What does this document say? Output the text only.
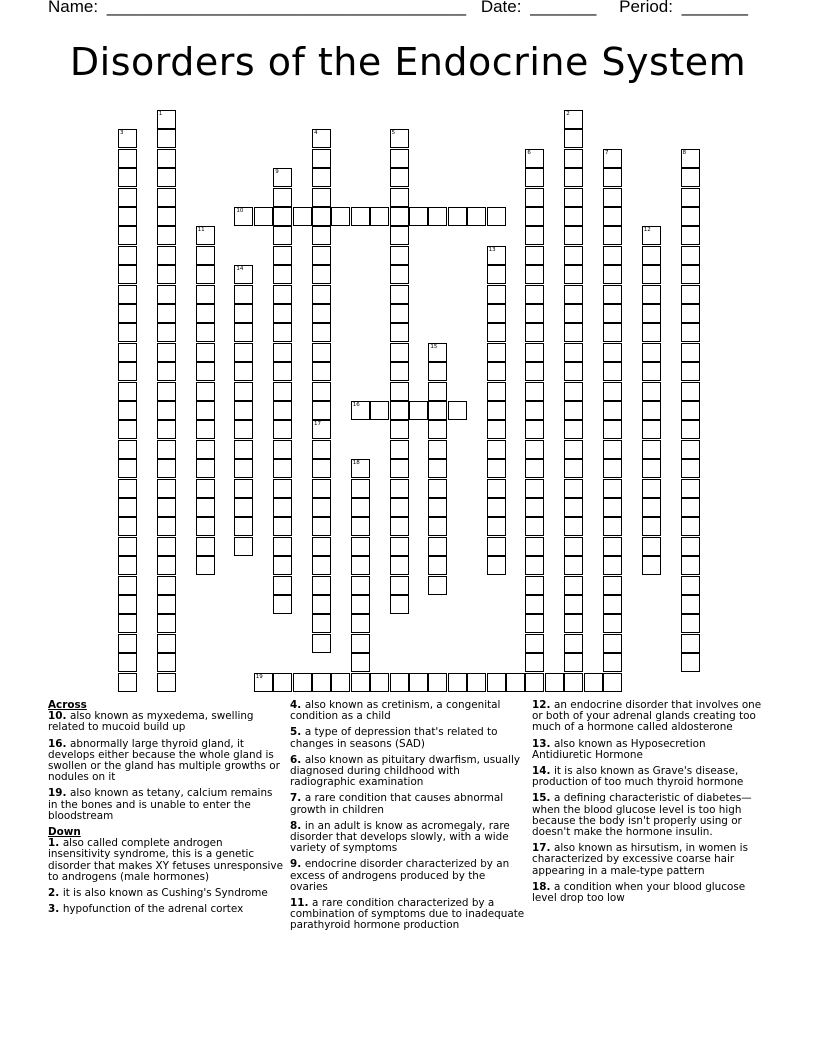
Name: ______________________________________ Date: _______ Period: _______
Disorders of the Endocrine System
1	2
3	4
17
5
6	7	8
9
10
11	12
13
14
15
16
18
19

Across

10. also known as myxedema, swelling related to mucoid build up

16. abnormally large thyroid gland, it develops either because the whole gland is swollen or the gland has multiple growths or nodules on it

19. also known as tetany, calcium remains in the bones and is unable to enter the bloodstream

Down

1. also called complete androgen insensitivity syndrome, this is a genetic disorder that makes XY fetuses unresponsive to androgens (male hormones)

2. it is also known as Cushing's Syndrome

3. hypofunction of the adrenal cortex

4. also known as cretinism, a congenital condition as a child

5. a type of depression that's related to changes in seasons (SAD)

6. also known as pituitary dwarfism, usually diagnosed during childhood with radiographic examination

7. a rare condition that causes abnormal growth in children

8. in an adult is know as acromegaly, rare disorder that develops slowly, with a wide variety of symptoms

9. endocrine disorder characterized by an excess of androgens produced by the ovaries

11. a rare condition characterized by a combination of symptoms due to inadequate parathyroid hormone production

12. an endocrine disorder that involves one or both of your adrenal glands creating too much of a hormone called aldosterone

13. also known as Hyposecretion Antidiuretic Hormone

14. it is also known as Grave's disease, production of too much thyroid hormone

15. a defining characteristic of diabetes—when the blood glucose level is too high because the body isn't properly using or doesn't make the hormone insulin.

17. also known as hirsutism, in women is characterized by excessive coarse hair appearing in a male-type pattern

18. a condition when your blood glucose level drop too low
